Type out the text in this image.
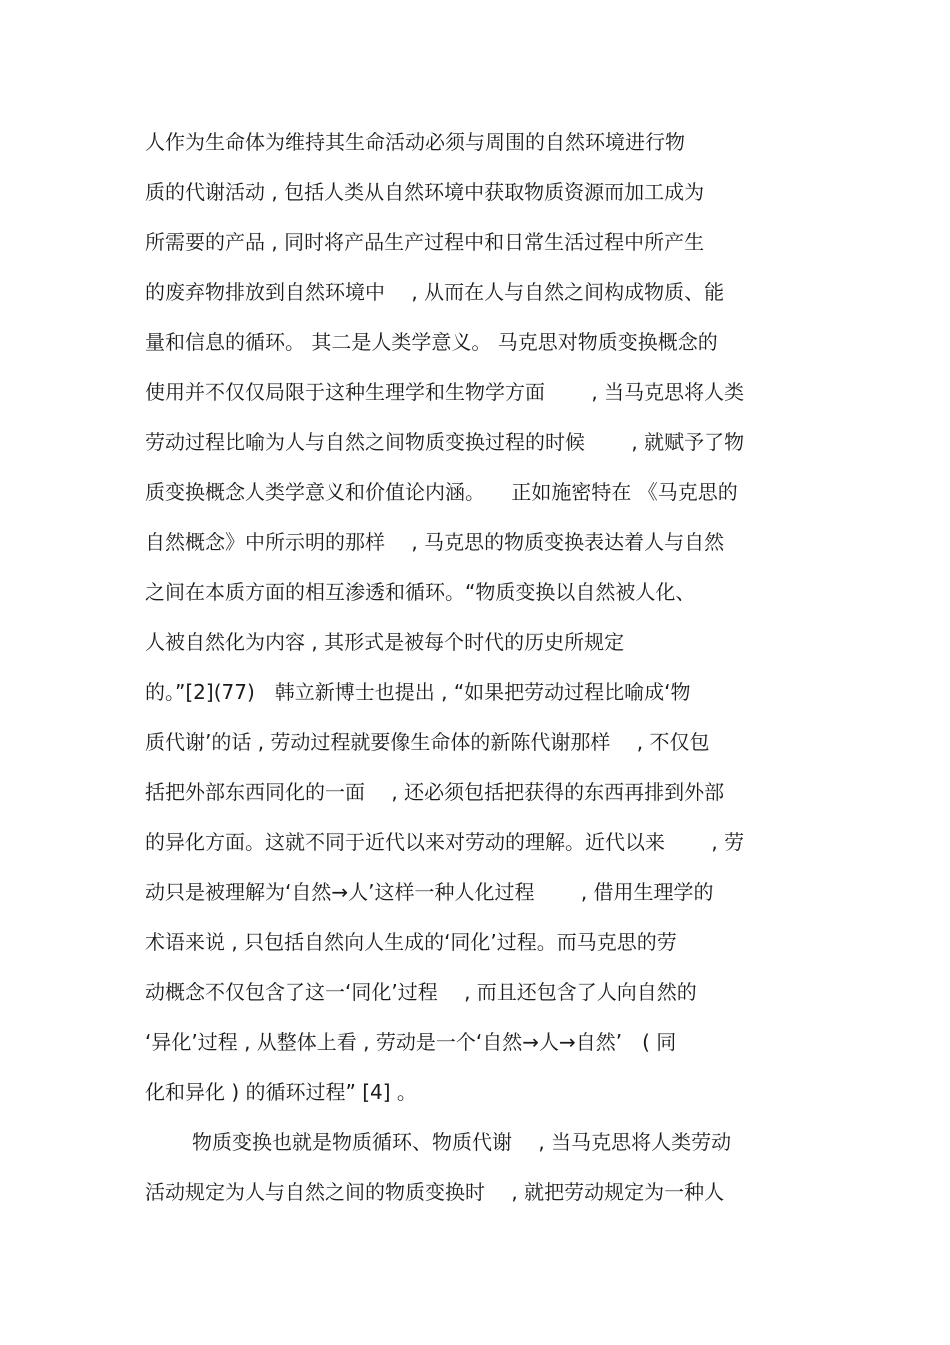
人作为生命体为维持其生命活动必须与周围的自然环境进行物
质的代谢活动 , 包括人类从自然环境中获取物质资源而加工成为
所需要的产品 , 同时将产品生产过程中和日常生活过程中所产生
的废弃物排放到自然环境中 　, 从而在人与自然之间构成物质、能
量和信息的循环。 其二是人类学意义。 马克思对物质变换概念的
使用并不仅仅局限于这种生理学和生物学方面 　　, 当马克思将人类
劳动过程比喻为人与自然之间物质变换过程的时候 　　, 就赋予了物
质变换概念人类学意义和价值论内涵。 　正如施密特在 《马克思的
自然概念》中所示明的那样 　, 马克思的物质变换表达着人与自然
之间在本质方面的相互渗透和循环。“物质变换以自然被人化、
人被自然化为内容 , 其形式是被每个时代的历史所规定
的。”[2](77)　韩立新博士也提出 , “如果把劳动过程比喻成‘物
质代谢’的话 , 劳动过程就要像生命体的新陈代谢那样 　, 不仅包
括把外部东西同化的一面 　, 还必须包括把获得的东西再排到外部
的异化方面。这就不同于近代以来对劳动的理解。近代以来 　　, 劳
动只是被理解为‘自然→人’这样一种人化过程 　　, 借用生理学的
术语来说 , 只包括自然向人生成的‘同化’过程。而马克思的劳
动概念不仅包含了这一‘同化’过程 　, 而且还包含了人向自然的
‘异化’过程 , 从整体上看 , 劳动是一个‘自然→人→自然’　( 同
化和异化 ) 的循环过程” [4] 。
物质变换也就是物质循环、物质代谢 　, 当马克思将人类劳动
活动规定为人与自然之间的物质变换时 　, 就把劳动规定为一种人
